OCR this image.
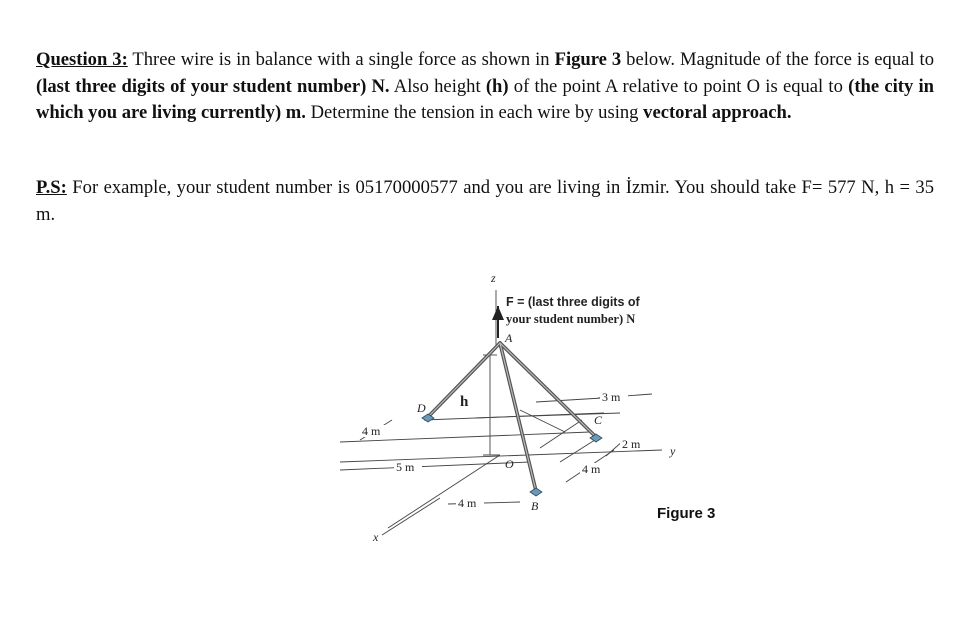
Question 3: Three wire is in balance with a single force as shown in Figure 3 below. Magnitude of the force is equal to (last three digits of your student number) N. Also height (h) of the point A relative to point O is equal to (the city in which you are living currently) m. Determine the tension in each wire by using vectoral approach.
P.S: For example, your student number is 05170000577 and you are living in İzmir. You should take F= 577 N, h = 35 m.
F = (last three digits of
your student number) N
A
D
B
C
O
h
z
y
x
3 m
2 m
4 m
4 m
5 m
4 m
Figure 3
